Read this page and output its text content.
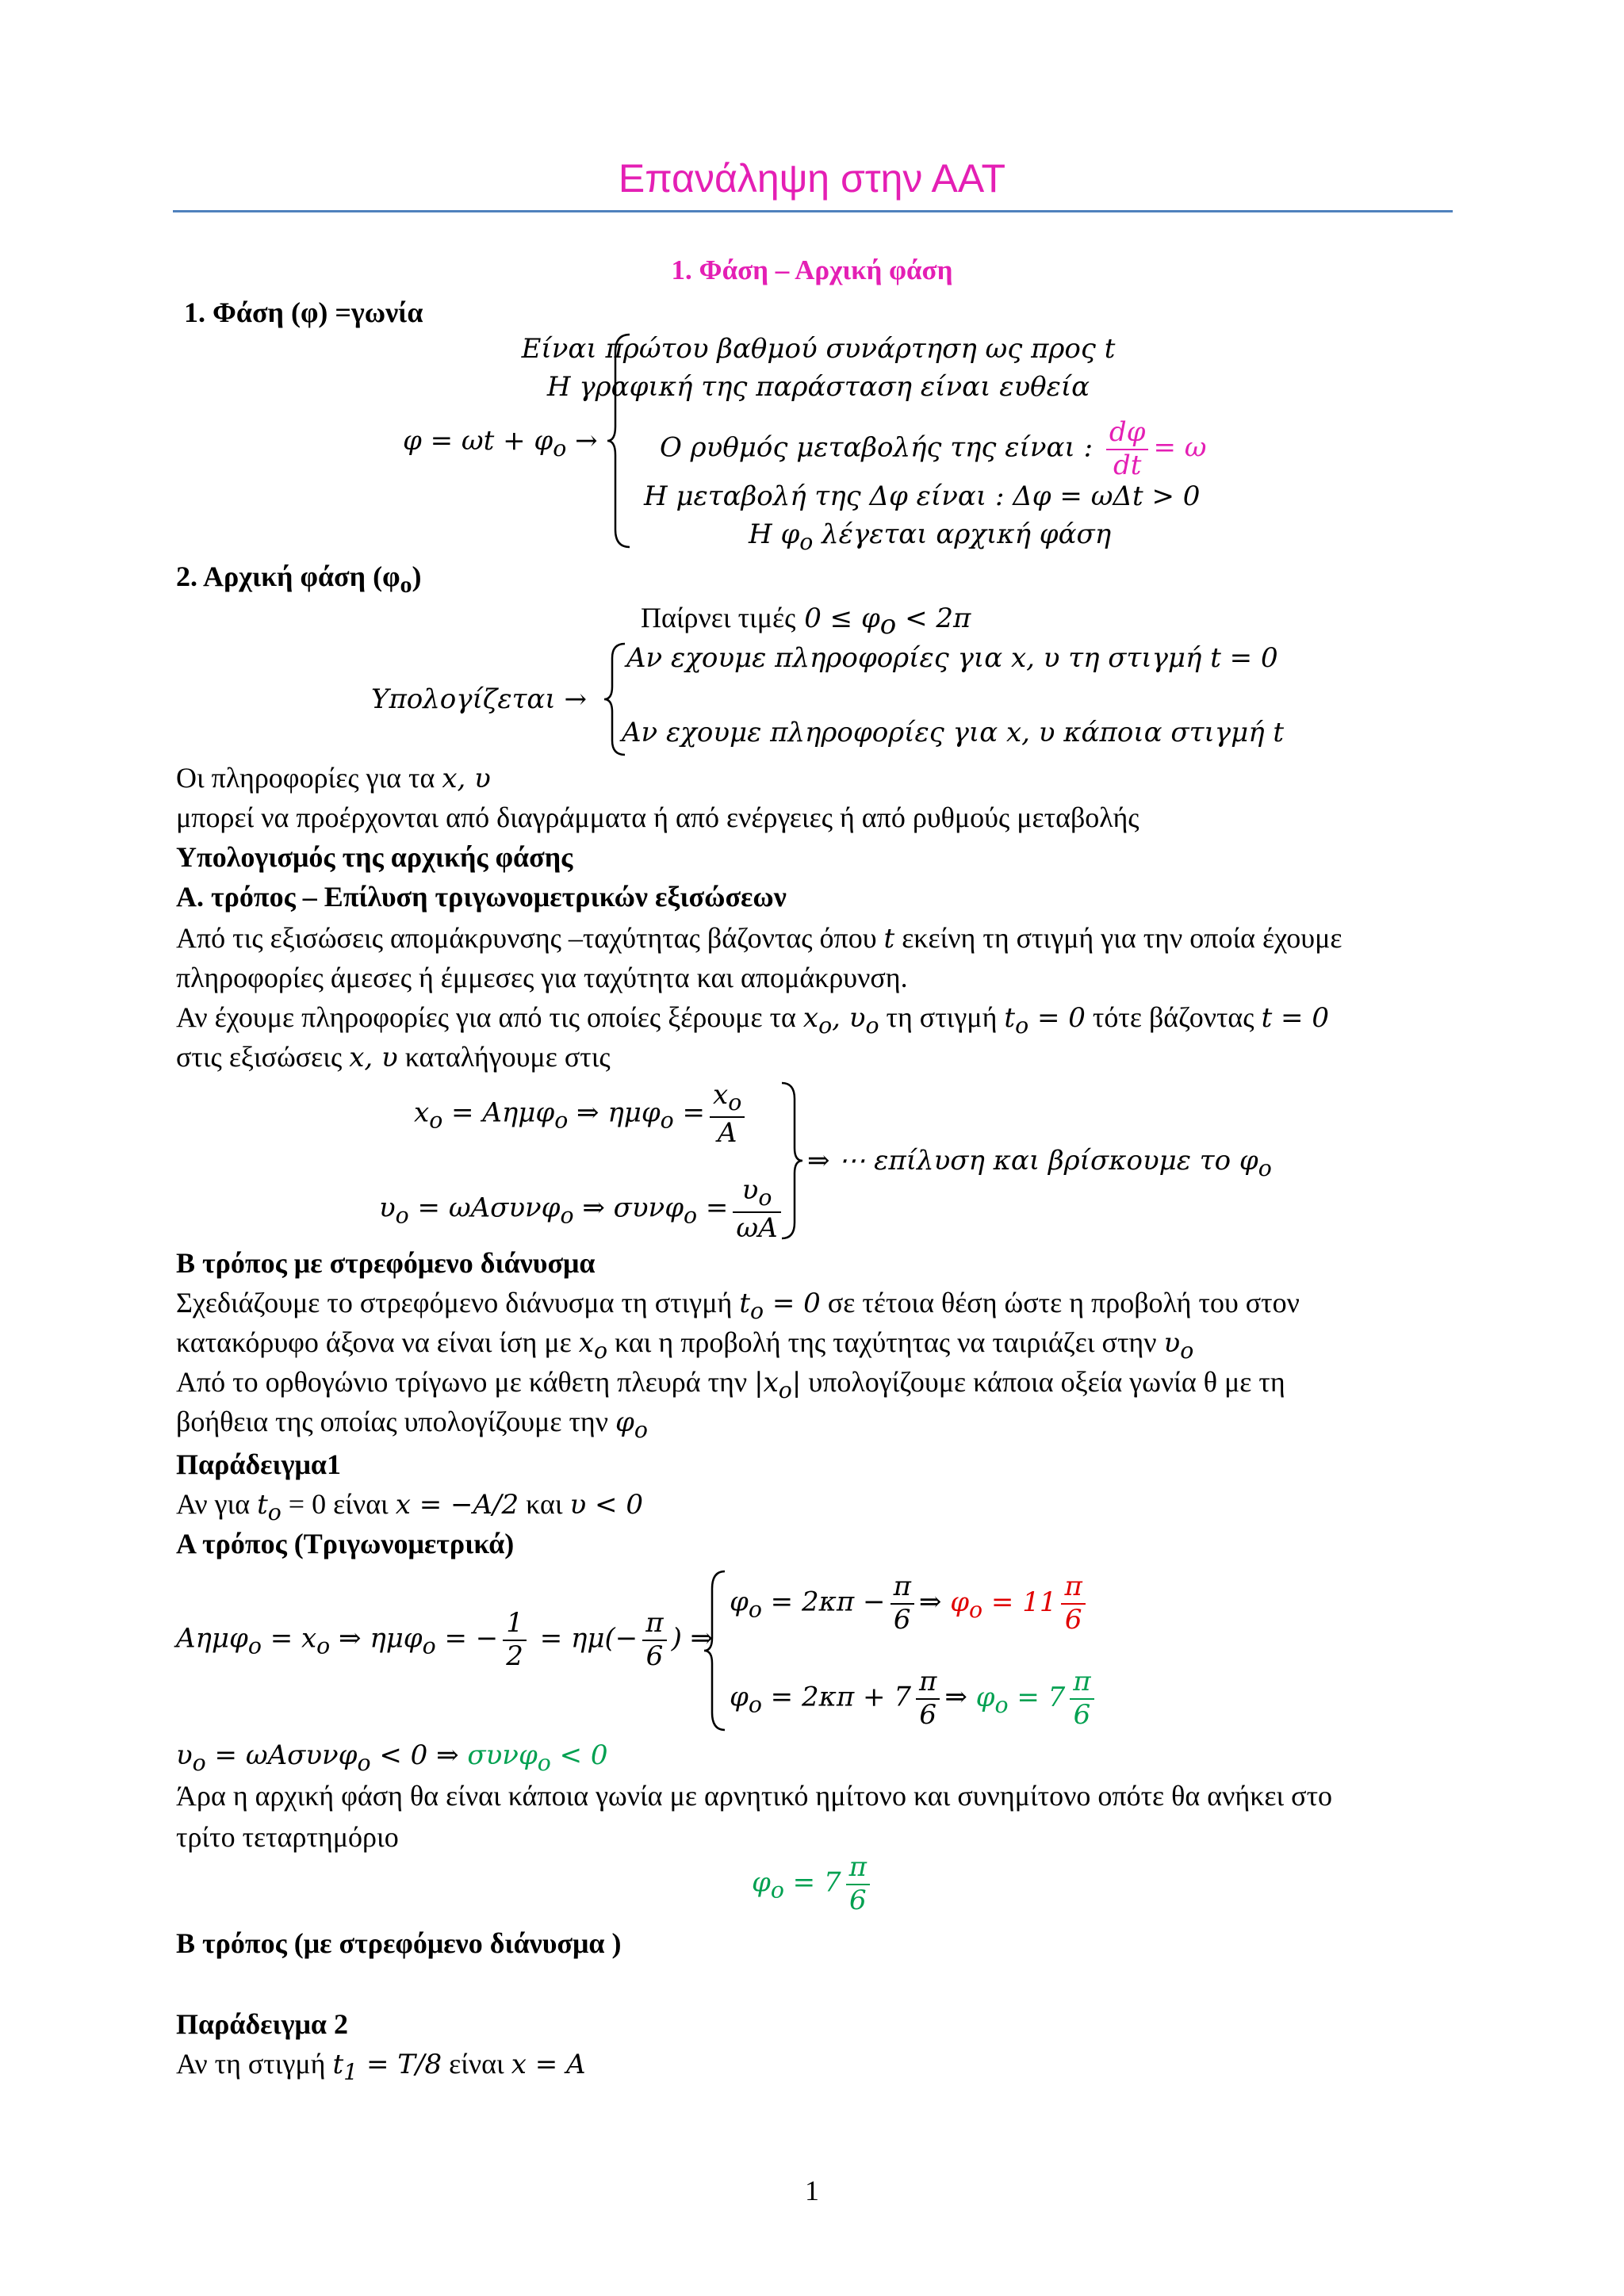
Επανάληψη στην ΑΑΤ
1. Φάση – Αρχική φάση
1. Φάση (φ) =γωνία
$\varphi = \omega t + \varphi_o$ →
Είναι πρώτου βαθμού συνάρτηση ως προς t
Η γραφική της παράσταση είναι ευθεία
Ο ρυθμός μεταβολής της είναι : $\frac{d\varphi}{dt} = \omega$
Η μεταβολή της Δφ είναι : Δφ = ωΔt > 0
Η $\varphi_o$ λέγεται αρχική φάση
2. Αρχική φάση $(\varphi_o)$
Παίρνει τιμές $0 \le \varphi_o < 2\pi$
Υπολογίζεται →
Αν εχουμε πληροφορίες για x, υ τη στιγμή t = 0
Αν εχουμε πληροφορίες για x, υ κάποια στιγμή t
Οι πληροφορίες για τα x, υ
μπορεί να προέρχονται από διαγράμματα ή από ενέργειες ή από ρυθμούς μεταβολής
Υπολογισμός της αρχικής φάσης
Α. τρόπος – Επίλυση τριγωνομετρικών εξισώσεων
Από τις εξισώσεις απομάκρυνσης –ταχύτητας βάζοντας όπου t εκείνη τη στιγμή για την οποία έχουμε
πληροφορίες άμεσες ή έμμεσες για ταχύτητα και απομάκρυνση.
Αν έχουμε πληροφορίες για από τις οποίες ξέρουμε τα $x_o$, $\upsilon_o$ τη στιγμή $t_o = 0$ τότε βάζοντας t = 0
στις εξισώσεις x, υ καταλήγουμε στις
$x_o = A\eta\mu\varphi_o$ ⇒ $\eta\mu\varphi_o = \frac{x_o}{A}$
$\upsilon_o = \omega A\sigma\upsilon\nu\varphi_o$ ⇒ $\sigma\upsilon\nu\varphi_o = \frac{\upsilon_o}{\omega A}$
⇒ ⋯ επίλυση και βρίσκουμε το $\varphi_o$
Β τρόπος με στρεφόμενο διάνυσμα
Σχεδιάζουμε το στρεφόμενο διάνυσμα τη στιγμή $t_o = 0$ σε τέτοια θέση ώστε η προβολή του στον
κατακόρυφο άξονα να είναι ίση με $x_o$ και η προβολή της ταχύτητας να ταιριάζει στην $\upsilon_o$
Από το ορθογώνιο τρίγωνο με κάθετη πλευρά την $|x_o|$ υπολογίζουμε κάποια οξεία γωνία θ με τη
βοήθεια της οποίας υπολογίζουμε την $\varphi_o$
Παράδειγμα1
Αν για $t_o = 0$ είναι x = −A/2 και υ < 0
Α τρόπος (Τριγωνομετρικά)
$A\eta\mu\varphi_o = x_o$ ⇒ ημφ$_o$ = − $\frac{1}{2} = \eta\mu(- \frac{\pi}{6}$ ) ⇒
$\varphi_o = 2\kappa\pi - \frac{\pi}{6}$ ⇒ $\varphi_o = 11 \frac{\pi}{6}$
$\varphi_o = 2\kappa\pi + 7 \frac{\pi}{6}$ ⇒ $\varphi_o = 7 \frac{\pi}{6}$
$\upsilon_o = \omega A\sigma\upsilon\nu\varphi_o < 0$ ⇒ συνφ$_o$ < 0
Άρα η αρχική φάση θα είναι κάποια γωνία με αρνητικό ημίτονο και συνημίτονο οπότε θα ανήκει στο
τρίτο τεταρτημόριο
$\varphi_o = 7 \frac{\pi}{6}$
Β τρόπος (με στρεφόμενο διάνυσμα )
Παράδειγμα 2
Αν τη στιγμή $t_1 = T/8$ είναι x = A
1
